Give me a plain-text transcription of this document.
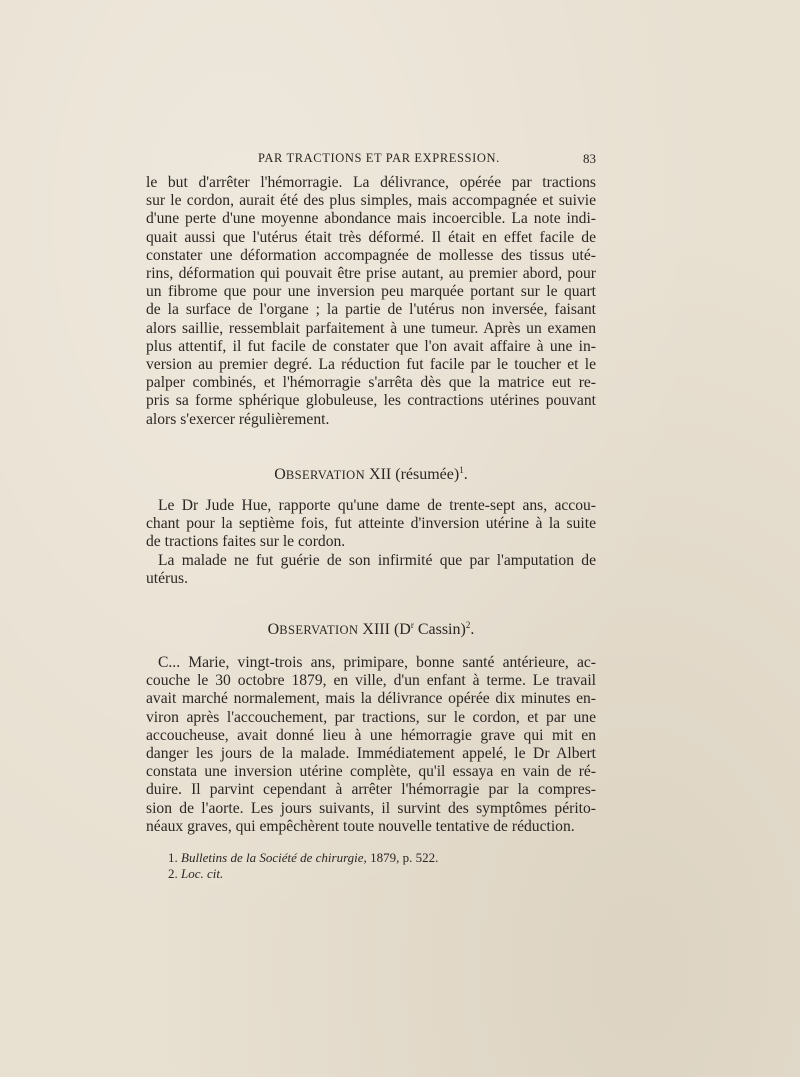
PAR TRACTIONS ET PAR EXPRESSION.	83
le but d'arrêter l'hémorragie. La délivrance, opérée par tractions
sur le cordon, aurait été des plus simples, mais accompagnée et suivie
d'une perte d'une moyenne abondance mais incoercible. La note indi-
quait aussi que l'utérus était très déformé. Il était en effet facile de
constater une déformation accompagnée de mollesse des tissus uté-
rins, déformation qui pouvait être prise autant, au premier abord, pour
un fibrome que pour une inversion peu marquée portant sur le quart
de la surface de l'organe ; la partie de l'utérus non inversée, faisant
alors saillie, ressemblait parfaitement à une tumeur. Après un examen
plus attentif, il fut facile de constater que l'on avait affaire à une in-
version au premier degré. La réduction fut facile par le toucher et le
palper combinés, et l'hémorragie s'arrêta dès que la matrice eut re-
pris sa forme sphérique globuleuse, les contractions utérines pouvant
alors s'exercer régulièrement.
OBSERVATION XII (résumée)$^1$.
Le Dr Jude Hue, rapporte qu'une dame de trente-sept ans, accou-
chant pour la septième fois, fut atteinte d'inversion utérine à la suite
de tractions faites sur le cordon.
La malade ne fut guérie de son infirmité que par l'amputation de
utérus.
OBSERVATION XIII ($D^r$ Cassin)$^2$.
C... Marie, vingt-trois ans, primipare, bonne santé antérieure, ac-
couche le 30 octobre 1879, en ville, d'un enfant à terme. Le travail
avait marché normalement, mais la délivrance opérée dix minutes en-
viron après l'accouchement, par tractions, sur le cordon, et par une
accoucheuse, avait donné lieu à une hémorragie grave qui mit en
danger les jours de la malade. Immédiatement appelé, le Dr Albert
constata une inversion utérine complète, qu'il essaya en vain de ré-
duire. Il parvint cependant à arrêter l'hémorragie par la compres-
sion de l'aorte. Les jours suivants, il survint des symptômes périto-
néaux graves, qui empêchèrent toute nouvelle tentative de réduction.
1. Bulletins de la Société de chirurgie, 1879, p. 522.
2. Loc. cit.
